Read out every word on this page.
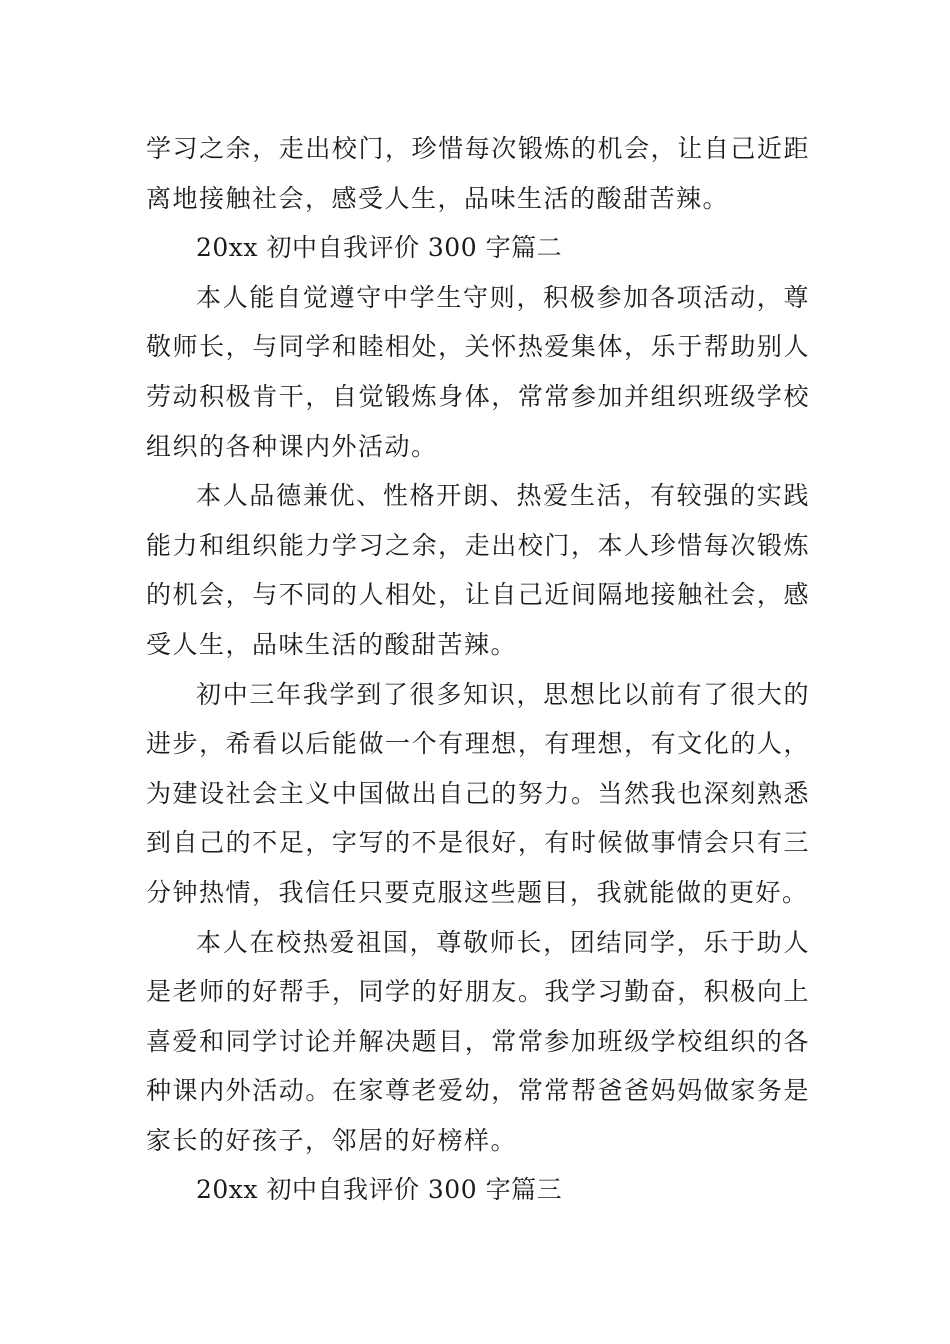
学习之余，走出校门，珍惜每次锻炼的机会，让自己近距
离地接触社会，感受人生，品味生活的酸甜苦辣。

20xx 初中自我评价 300 字篇二

本人能自觉遵守中学生守则，积极参加各项活动，尊
敬师长，与同学和睦相处，关怀热爱集体，乐于帮助别人
劳动积极肯干，自觉锻炼身体，常常参加并组织班级学校
组织的各种课内外活动。

本人品德兼优、性格开朗、热爱生活，有较强的实践
能力和组织能力学习之余，走出校门，本人珍惜每次锻炼
的机会，与不同的人相处，让自己近间隔地接触社会，感
受人生，品味生活的酸甜苦辣。

初中三年我学到了很多知识，思想比以前有了很大的
进步，希看以后能做一个有理想，有理想，有文化的人，
为建设社会主义中国做出自己的努力。当然我也深刻熟悉
到自己的不足，字写的不是很好，有时候做事情会只有三
分钟热情，我信任只要克服这些题目，我就能做的更好。

本人在校热爱祖国，尊敬师长，团结同学，乐于助人
是老师的好帮手，同学的好朋友。我学习勤奋，积极向上
喜爱和同学讨论并解决题目，常常参加班级学校组织的各
种课内外活动。在家尊老爱幼，常常帮爸爸妈妈做家务是
家长的好孩子，邻居的好榜样。

20xx 初中自我评价 300 字篇三
